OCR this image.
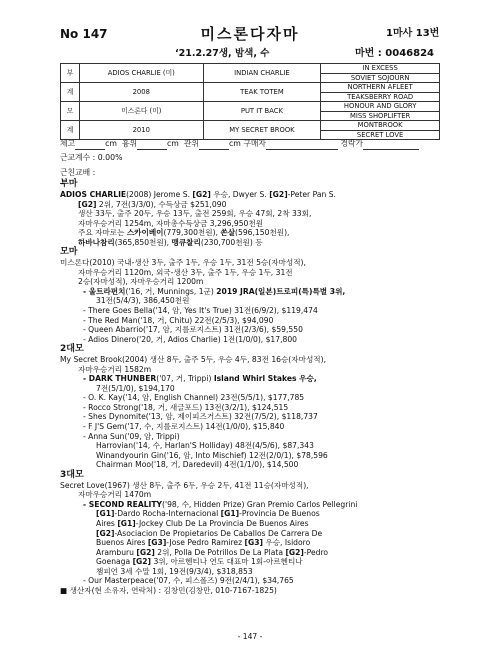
No 147	미스론다자마	1마사 13번
‘21.2.27생, 밤색, 수	마번 : 0046824
부	ADIOS CHARLIE (미)	INDIAN CHARLIE	IN EXCESS
			SOVIET SOJOURN
계	2008	TEAK TOTEM	NORTHERN AFLEET
			TEAKSBERRY ROAD
모	미스론다 (미)	PUT IT BACK	HONOUR AND GLORY
			MISS SHOPLIFTER
계	2010	MY SECRET BROOK	MONTBROOK
			SECRET LOVE
체고	cm 흉위	cm 관위	cm 구매자	경락가
근교계수 : 0.00%
근친교배 :

부마

ADIOS CHARLIE(2008) Jerome S. [G2] 우승, Dwyer S. [G2]-Peter Pan S.

[G2] 2위, 7전(3/3/0), 수득상금 $251,090

생산 33두, 출주 20두, 우승 13두, 출전 259회, 우승 47회, 2착 33회,

자마우승거리 1254m, 자마총수득상금 3,296,950천원

주요 자마로는 스카이베이(779,300천원), 쏜살(596,150천원),

하바나참리(365,850천원), 맹큐찰리(230,700천원) 등

모마

미스론다(2010) 국내-생산 3두, 출주 1두, 우승 1두, 31전 5승(자마성적),

자마우승거리 1120m, 외국-생산 3두, 출주 1두, 우승 1두, 31전

2승(자마성적), 자마우승거리 1200m

- 울트라펀치('16, 거, Munnings, 1군) 2019 JRA(일본)트로피(특)특별 3위,

31전(5/4/3), 386,450천원

- There Goes Bella('14, 암, Yes It's True) 31전(6/9/2), $119,474

- The Red Man('18, 거, Chitu) 22전(2/5/3), $94,090

- Queen Abarrio('17, 암, 지를로지스트) 31전(2/3/6), $59,550

- Adios Dinero('20, 거, Adios Charlie) 1전(1/0/0), $17,800

2대모

My Secret Brook(2004) 생산 8두, 출주 5두, 우승 4두, 83전 16승(자마성적),

자마우승거리 1582m

- DARK THUNBER('07, 거, Trippi) Island Whirl Stakes 우승,

7전(5/1/0), $194,170

- O. K. Kay('14, 암, English Channel) 23전(5/5/1), $177,785

- Rocco Strong('18, 거, 새글포드) 13전(3/2/1), $124,515

- Shes Dynomite('13, 암, 제이피즈거스트) 32전(7/5/2), $118,737

- F J'S Gem('17, 수, 지를로지스트) 14전(1/0/0), $15,840

- Anna Sun('09, 암, Trippi)

Harrovian('14, 수, Harlan'S Holliday) 48전(4/5/6), $87,343

Winandyourin Gin('16, 암, Into Mischief) 12전(2/0/1), $78,596

Chairman Moo('18, 거, Daredevil) 4전(1/1/0), $14,500

3대모

Secret Love(1967) 생산 8두, 출주 6두, 우승 2두, 41전 11승(자마성적),

자마우승거리 1470m

- SECOND REALITY('98, 수, Hidden Prize) Gran Premio Carlos Pellegrini

[G1]-Dardo Rocha-Internacional [G1]-Provincia De Buenos

Aires [G1]-Jockey Club De La Provincia De Buenos Aires

[G2]-Asociacion De Propietarios De Caballos De Carrera De

Buenos Aires [G3]-Jose Pedro Ramirez [G3] 우승, Isidoro

Aramburu [G2] 2위, Polla De Potrillos De La Plata [G2]-Pedro

Goenaga [G2] 3위, 아르헨티나 연도 대표마 1회-아르헨티나

챔피언 3세 수말 1회, 19전(9/3/4), $318,853

- Our Masterpeace('07, 수, 피스폴즈) 9전(2/4/1), $34,765

■ 생산자(현 소유자, 연락처) : 김창민(김창만, 010-7167-1825)

- 147 -
